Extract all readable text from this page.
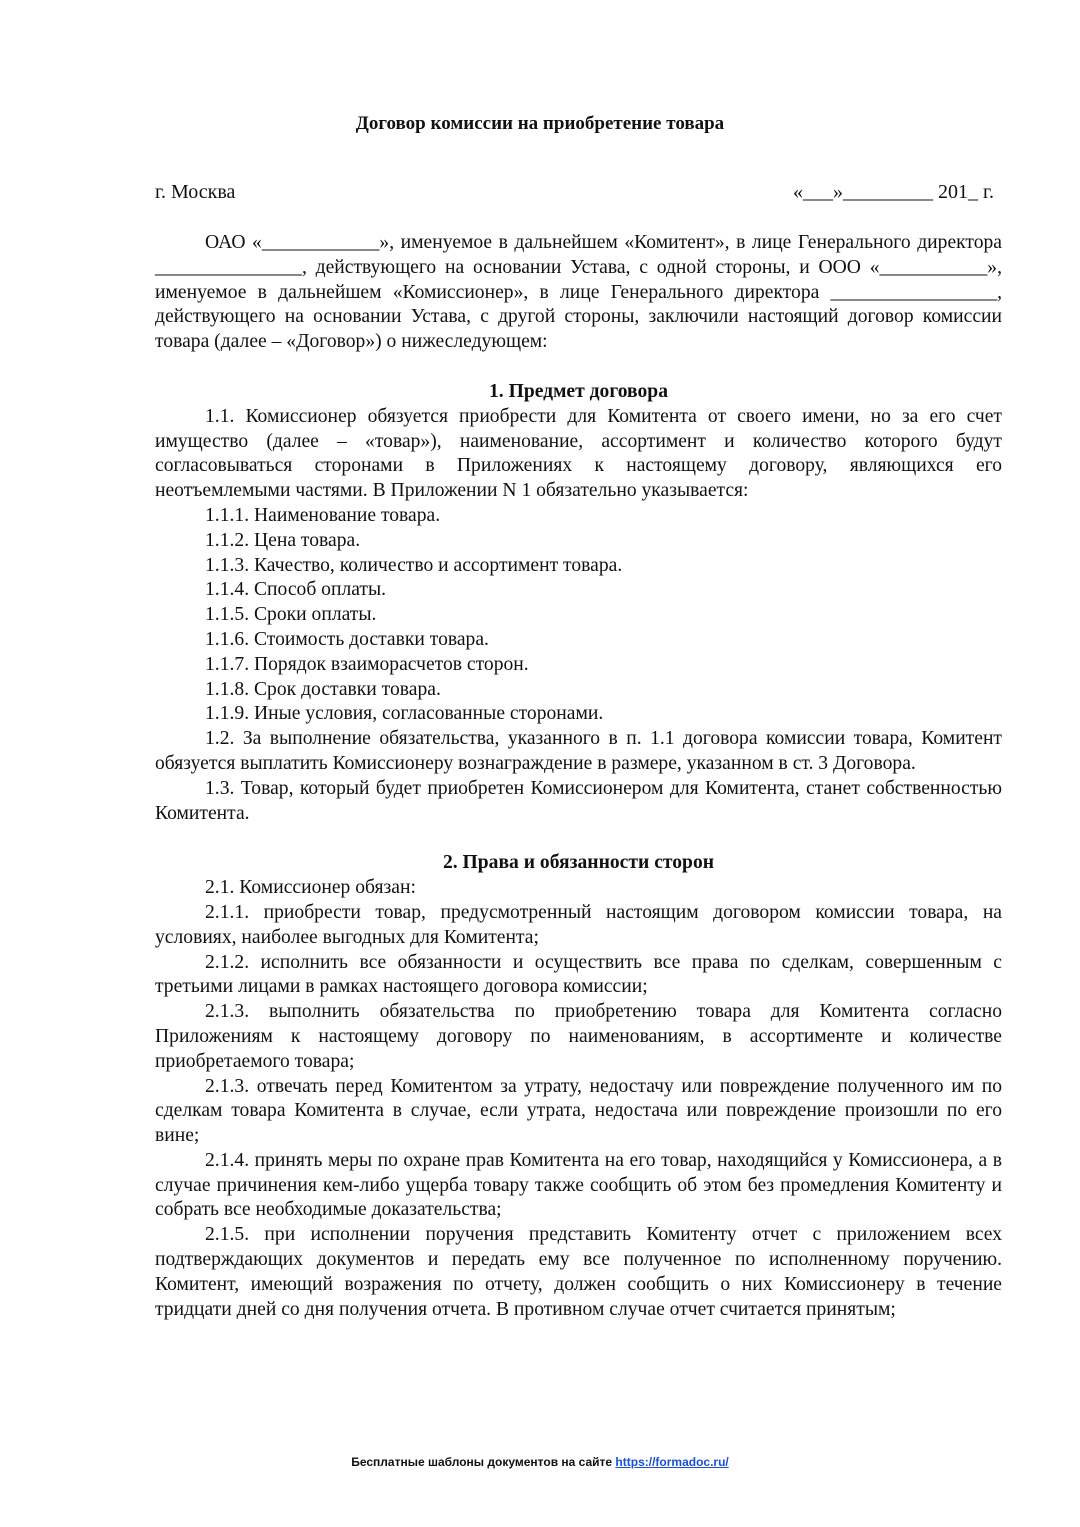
Договор комиссии на приобретение товара
г. Москва	«___»_________ 201_ г.

ОАО «____________», именуемое в дальнейшем «Комитент», в лице Генерального директора _______________, действующего на основании Устава, с одной стороны, и ООО «___________», именуемое в дальнейшем «Комиссионер», в лице Генерального директора _________________, действующего на основании Устава, с другой стороны, заключили настоящий договор комиссии товара (далее – «Договор») о нижеследующем:

1. Предмет договора

1.1. Комиссионер обязуется приобрести для Комитента от своего имени, но за его счет имущество (далее – «товар»), наименование, ассортимент и количество которого будут согласовываться сторонами в Приложениях к настоящему договору, являющихся его неотъемлемыми частями. В Приложении N 1 обязательно указывается:

1.1.1. Наименование товара.

1.1.2. Цена товара.

1.1.3. Качество, количество и ассортимент товара.

1.1.4. Способ оплаты.

1.1.5. Сроки оплаты.

1.1.6. Стоимость доставки товара.

1.1.7. Порядок взаиморасчетов сторон.

1.1.8. Срок доставки товара.

1.1.9. Иные условия, согласованные сторонами.

1.2. За выполнение обязательства, указанного в п. 1.1 договора комиссии товара, Комитент обязуется выплатить Комиссионеру вознаграждение в размере, указанном в ст. 3 Договора.

1.3. Товар, который будет приобретен Комиссионером для Комитента, станет собственностью Комитента.

2. Права и обязанности сторон

2.1. Комиссионер обязан:

2.1.1. приобрести товар, предусмотренный настоящим договором комиссии товара, на условиях, наиболее выгодных для Комитента;

2.1.2. исполнить все обязанности и осуществить все права по сделкам, совершенным с третьими лицами в рамках настоящего договора комиссии;

2.1.3. выполнить обязательства по приобретению товара для Комитента согласно Приложениям к настоящему договору по наименованиям, в ассортименте и количестве приобретаемого товара;

2.1.3. отвечать перед Комитентом за утрату, недостачу или повреждение полученного им по сделкам товара Комитента в случае, если утрата, недостача или повреждение произошли по его вине;

2.1.4. принять меры по охране прав Комитента на его товар, находящийся у Комиссионера, а в случае причинения кем-либо ущерба товару также сообщить об этом без промедления Комитенту и собрать все необходимые доказательства;

2.1.5. при исполнении поручения представить Комитенту отчет с приложением всех подтверждающих документов и передать ему все полученное по исполненному поручению. Комитент, имеющий возражения по отчету, должен сообщить о них Комиссионеру в течение тридцати дней со дня получения отчета. В противном случае отчет считается принятым;

Бесплатные шаблоны документов на сайте https://formadoc.ru/
